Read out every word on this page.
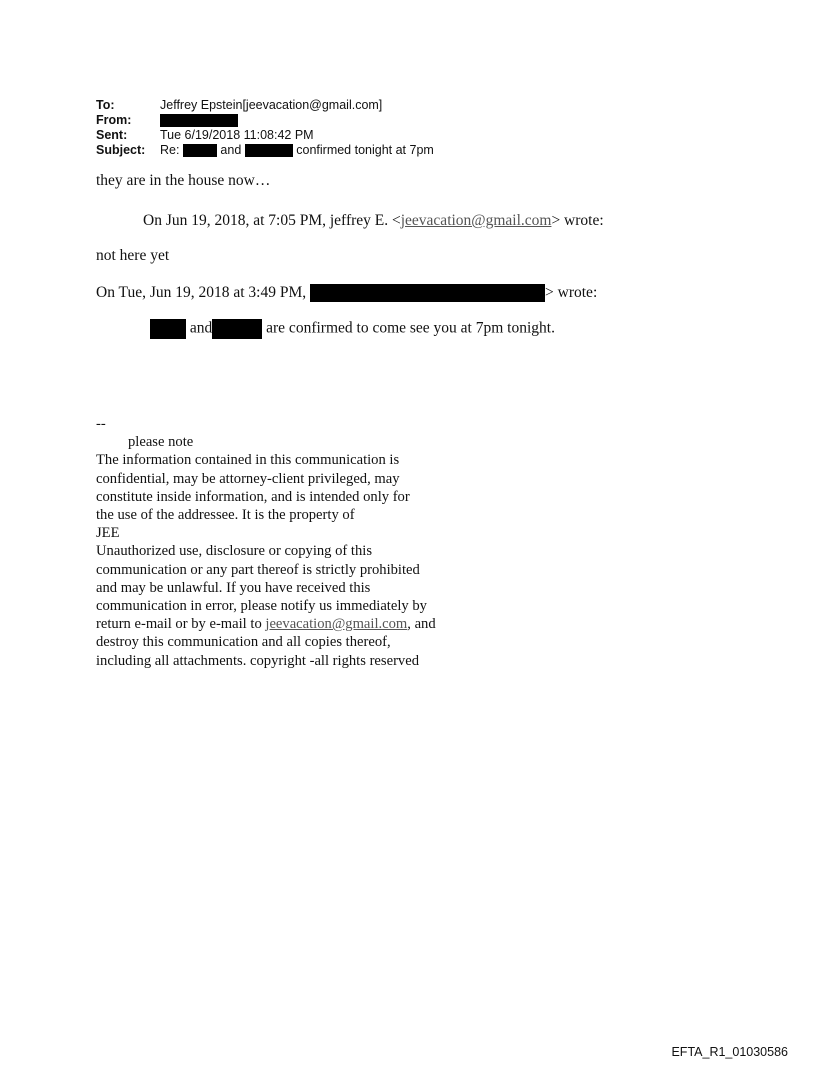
To:	Jeffrey Epstein[jeevacation@gmail.com]
From:
Sent:	Tue 6/19/2018 11:08:42 PM
Subject:	Re:	and	confirmed tonight at 7pm
they are in the house now…
On Jun 19, 2018, at 7:05 PM, jeffrey E. <jeevacation@gmail.com> wrote:
not here yet
On Tue, Jun 19, 2018 at 3:49 PM,	> wrote:
and	are confirmed to come see you at 7pm tonight.
--
please note
The information contained in this communication is
confidential, may be attorney-client privileged, may
constitute inside information, and is intended only for
the use of the addressee. It is the property of
JEE
Unauthorized use, disclosure or copying of this
communication or any part thereof is strictly prohibited
and may be unlawful. If you have received this
communication in error, please notify us immediately by
return e-mail or by e-mail to jeevacation@gmail.com, and
destroy this communication and all copies thereof,
including all attachments. copyright -all rights reserved
EFTA_R1_01030586
